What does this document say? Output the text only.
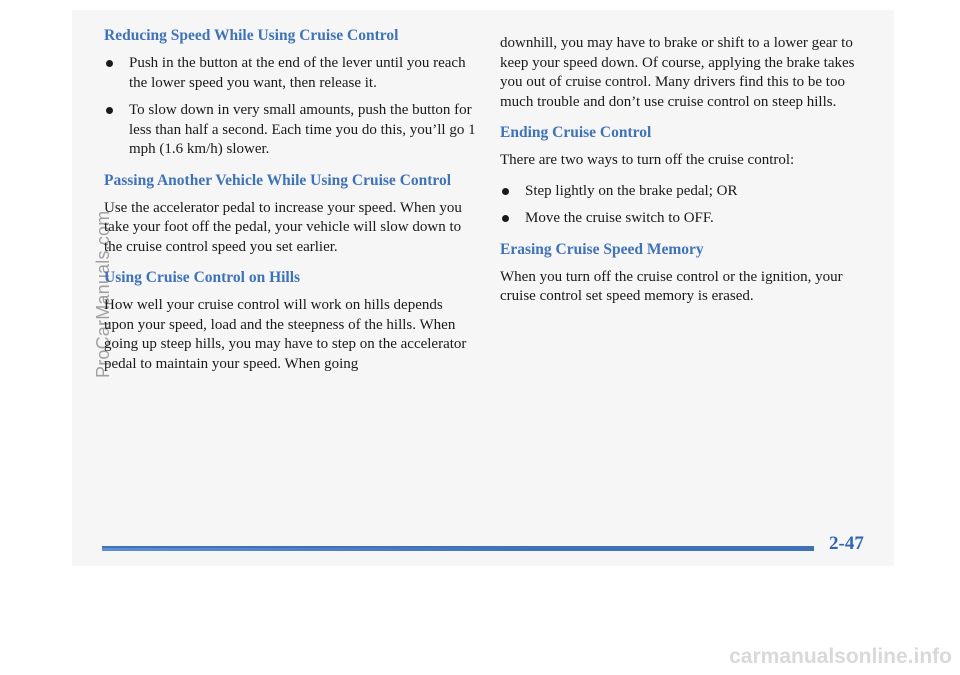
ProCarManuals.com
Reducing Speed While Using Cruise Control
Push in the button at the end of the lever until you reach the lower speed you want, then release it.
To slow down in very small amounts, push the button for less than half a second. Each time you do this, you’ll go 1 mph (1.6 km/h) slower.
Passing Another Vehicle While Using Cruise Control

Use the accelerator pedal to increase your speed. When you take your foot off the pedal, your vehicle will slow down to the cruise control speed you set earlier.

Using Cruise Control on Hills

How well your cruise control will work on hills depends upon your speed, load and the steepness of the hills. When going up steep hills, you may have to step on the accelerator pedal to maintain your speed. When going

downhill, you may have to brake or shift to a lower gear to keep your speed down. Of course, applying the brake takes you out of cruise control. Many drivers find this to be too much trouble and don’t use cruise control on steep hills.

Ending Cruise Control

There are two ways to turn off the cruise control:

Step lightly on the brake pedal; OR
Move the cruise switch to OFF.
Erasing Cruise Speed Memory

When you turn off the cruise control or the ignition, your cruise control set speed memory is erased.

2-47
carmanualsonline.info
